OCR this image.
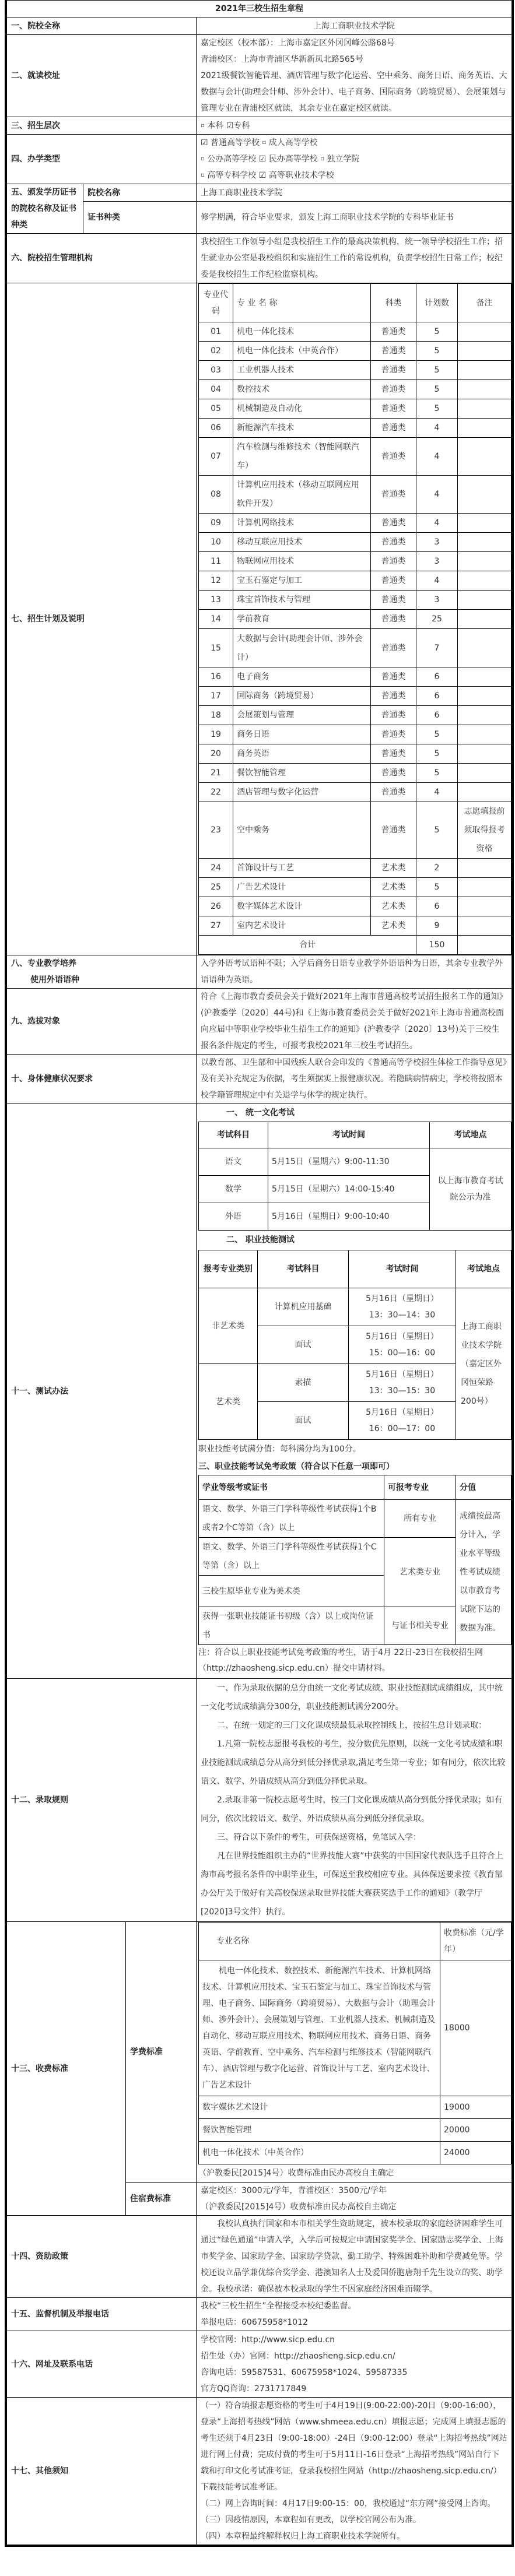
2021年三校生招生章程
一、院校全称	上海工商职业技术学院
二、就读校址	

嘉定校区（校本部）：上海市嘉定区外冈冈峰公路68号

青浦校区：上海市青浦区华新新凤北路565号

2021级餐饮智能管理、酒店管理与数字化运营、空中乘务、商务日语、商务英语、大数据与会计(助理会计师、涉外会计）、电子商务、国际商务（跨境贸易）、会展策划与管理专业在青浦校区就读，其余专业在嘉定校区就读。

三、招生层次	▫ 本科 ☑专科
四、办学类型	

☑ 普通高等学校 ▫ 成人高等学校

▫ 公办高等学校 ☑ 民办高等学校 ▫ 独立学院

▫ 高等专科学校 ☑ 高等职业技术学校

五、颁发学历证书的院校名称及证书种类	院校名称	上海工商职业技术学院
证书种类	修学期满，符合毕业要求，颁发上海工商职业技术学院的专科毕业证书
六、院校招生管理机构	我校招生工作领导小组是我校招生工作的最高决策机构，统一领导学校招生工作；招生就业办公室是我校组织和实施招生工作的常设机构，负责学校招生日常工作；校纪委是我校招生工作纪检监察机构。
七、招生计划及说明	
专业代码	专 业 名 称	科类	计划数	备注
01	机电一体化技术	普通类	5	
02	机电一体化技术（中英合作）	普通类	5	
03	工业机器人技术	普通类	5	
04	数控技术	普通类	5	
05	机械制造及自动化	普通类	5	
06	新能源汽车技术	普通类	4	
07	汽车检测与维修技术（智能网联汽车）	普通类	4	
08	计算机应用技术（移动互联网应用软件开发）	普通类	4	
09	计算机网络技术	普通类	4	
10	移动互联应用技术	普通类	3	
11	物联网应用技术	普通类	3	
12	宝玉石鉴定与加工	普通类	4	
13	珠宝首饰技术与管理	普通类	3	
14	学前教育	普通类	25	
15	大数据与会计(助理会计师、涉外会计）	普通类	7	
16	电子商务	普通类	6	
17	国际商务（跨境贸易）	普通类	6	
18	会展策划与管理	普通类	6	
19	商务日语	普通类	5	
20	商务英语	普通类	5	
21	餐饮智能管理	普通类	5	
22	酒店管理与数字化运营	普通类	4	
23	空中乘务	普通类	5	志愿填报前须取得报考资格
24	首饰设计与工艺	艺术类	2	
25	广告艺术设计	艺术类	5	
26	数字媒体艺术设计	艺术类	6	
27	室内艺术设计	艺术类	9	
合计	150	

八、专业教学培养
使用外语语种
	入学外语考试语种不限；入学后商务日语专业教学外语语种为日语，其余专业教学外语语种为英语。
九、选拔对象	符合《上海市教育委员会关于做好2021年上海市普通高校考试招生报名工作的通知》(沪教委学〔2020〕44号)和《上海市教育委员会关于做好2021年上海市普通高校面向应届中等职业学校毕业生招生工作的通知》(沪教委学〔2020〕13号)关于三校生报名条件规定的考生，可报考我校2021年三校生考试招生。
十、身体健康状况要求	以教育部、卫生部和中国残疾人联合会印发的《普通高等学校招生体检工作指导意见》及有关补充规定为依据，考生须据实上报健康状况。若隐瞒病情病史，学校将按照本校学籍管理规定中有关退学与休学的规定执行。
十一、测试办法	
一、 统一文化考试
考试科目	考试时间	考试地点
语文	5月15日（星期六）9:00-11:30	以上海市教育考试院公示为准
数学	5月15日（星期六）14:00-15:40
外语	5月16日（星期日）9:00-10:40
二、 职业技能测试
报考专业类别	考试科目	考试时间	考试地点
非艺术类	计算机应用基础	5月16日（星期日） 13：30—14：30	上海工商职业技术学院（嘉定区外冈恒荣路200号）
面试	5月16日（星期日） 15：00—16：00
艺术类	素描	5月16日（星期日） 13：30—15：30
面试	5月16日（星期日） 16：00—17：00
职业技能考试满分值：每科满分均为100分。
三、职业技能考试免考政策（符合以下任意一项即可）
学业等级考或证书	可报考专业	分值
语文、数学、外语三门学科等级性考试获得1个B或者2个C等第（含）以上	所有专业	成绩按最高分计入，学业水平等级性考试成绩以市教育考试院下达的数据为准。
语文、数学、外语三门学科等级性考试获得1个C等第（含）以上	艺术类专业
三校生原毕业专业为美术类
获得一张职业技能证书初级（含）以上或岗位证书	与证书相关专业
注：符合以上职业技能考试免考政策的考生，请于4月 22日-23日在我校招生网
（http://zhaosheng.sicp.edu.cn）提交申请材料。

十二、录取规则	

一、作为录取依据的总分由统一文化考试成绩、职业技能测试成绩组成，其中统一文化考试成绩满分300分，职业技能测试满分200分。

二、在统一划定的三门文化课成绩最低录取控制线上，按招生总计划录取：

1.凡第一院校志愿报考我校的考生，按分数优先原则，以统一文化考试成绩和职业技能测试成绩总分从高分到低分择优录取,满足考生第一专业；如有同分，依次比较语文、数学、外语成绩从高分到低分择优录取。

2.录取非第一院校志愿考生时，按三门文化课成绩从高分到低分择优录取；如有同分，依次比较语文、数学、外语成绩从高分到低分择优录取。

三、符合以下条件的考生，可获保送资格，免笔试入学：

凡在世界技能组织主办的“世界技能大赛”中获奖的中国国家代表队选手且符合上海市高考报名条件的中职毕业生，可保送至我校相应专业。具体保送要求按《教育部办公厅关于做好有关高校保送录取世界技能大赛获奖选手工作的通知》（教学厅[2020]3号文件）执行。

十三、收费标准	学费标准	
专业名称	收费标准（元/学年）
机电一体化技术、数控技术、新能源汽车技术、计算机网络技术、计算机应用技术、宝玉石鉴定与加工、珠宝首饰技术与管理、电子商务、国际商务（跨境贸易）、大数据与会计（助理会计师、涉外会计）、会展策划与管理、工业机器人技术、机械制造及自动化、移动互联应用技术、物联网应用技术、商务日语、商务英语、学前教育、空中乘务、汽车检测与维修技术（智能网联汽车）、酒店管理与数字化运营、首饰设计与工艺、室内艺术设计、广告艺术设计	18000
数字媒体艺术设计	19000
餐饮智能管理	20000
机电一体化技术（中英合作）	24000
（沪教委民[2015]4号）收费标准由民办高校自主确定

住宿费标准	
嘉定校区：3000元/学年，青浦校区：3500元/学年
（沪教委民[2015]4号）收费标准由民办高校自主确定

十四、资助政策	我校认真执行国家和本市相关学生资助规定，被本校录取的家庭经济困难学生可通过“绿色通道”申请入学，入学后可按规定申请国家奖学金、国家励志奖学金、上海市奖学金、国家助学金、国家助学贷款、勤工助学、特殊困难补助和学费减免等。学校还设立品学兼优综合奖学金、港澳知名人士及爱国侨胞唐翔千先生设立的奖、助学金。我校承诺：确保被本校录取的学生不因家庭经济困难而辍学。
十五、监督机制及举报电话	
我校“三校生招生”全程接受本校纪委监督。
举报电话：60675958*1012

十六、网址及联系电话	
学校官网：http://www.sicp.edu.cn
招生处（办）官网：http://zhaosheng.sicp.edu.cn/
咨询电话：59587531、60675958*1024、59587335
官方QQ咨询：2731717849

十七、其他须知	

（一）符合填报志愿资格的考生可于4月19日(9:00-22:00)-20日（9:00-16:00），登录“上海招考热线”网站（www.shmeea.edu.cn）填报志愿；完成网上填报志愿的考生还须于4月23日（9:00-18:00）-24日（9:00-12:00）登录“上海招考热线”网站进行网上付费；完成付费的考生可于5月11日-16日登录“上海招考热线”网站自行下载和打印文化考试准考证，登录我校招生网站（http://zhaosheng.sicp.edu.cn/）下载技能考试准考证。

（二）网上咨询时间：4月17日9:00-15：00，我校通过“东方网”接受网上咨询。

（三）因疫情原因，本章程如有更改，以学校官网公布为准。

（四）本章程最终解释权归上海工商职业技术学院所有。
